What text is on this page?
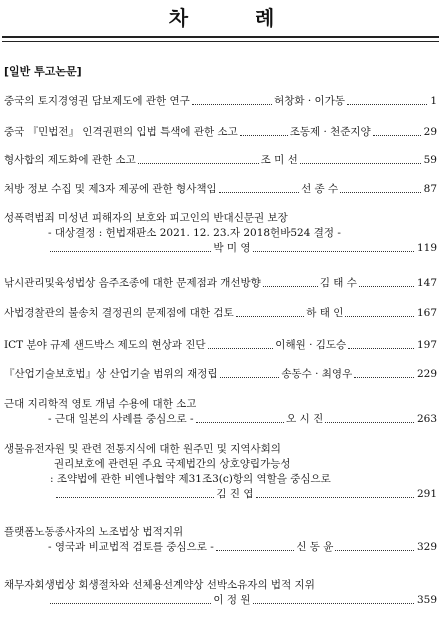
차 례
[일반 투고논문]
중국의 토지경영권 담보제도에 관한 연구	허창화 · 이가동	1
중국 『민법전』 인격권편의 입법 특색에 관한 소고	조동제 · 천준지양	29
형사합의 제도화에 관한 소고	조 미 선	59
처방 정보 수집 및 제3자 제공에 관한 형사책임	선 종 수	87
성폭력범죄 미성년 피해자의 보호와 피고인의 반대신문권 보장
- 대상결정 : 헌법재판소 2021. 12. 23.자 2018헌바524 결정 -
박 미 영	119
낚시관리및육성법상 음주조종에 대한 문제점과 개선방향	김 태 수	147
사법경찰관의 불송치 결정권의 문제점에 대한 검토	하 태 인	167
ICT 분야 규제 샌드박스 제도의 현상과 진단	이해원 · 김도승	197
『산업기술보호법』상 산업기술 범위의 재정립	송동수 · 최영우	229
근대 지리학적 영토 개념 수용에 대한 소고
- 근대 일본의 사례를 중심으로 -	오 시 진	263
생물유전자원 및 관련 전통지식에 대한 원주민 및 지역사회의
권리보호에 관련된 주요 국제법간의 상호양립가능성
: 조약법에 관한 비엔나협약 제31조3(c)항의 역할을 중심으로
김 진 엽	291
플랫폼노동종사자의 노조법상 법적지위
- 영국과 비교법적 검토를 중심으로 -	신 동 윤	329
채무자회생법상 회생절차와 선체용선계약상 선박소유자의 법적 지위
이 정 원	359
